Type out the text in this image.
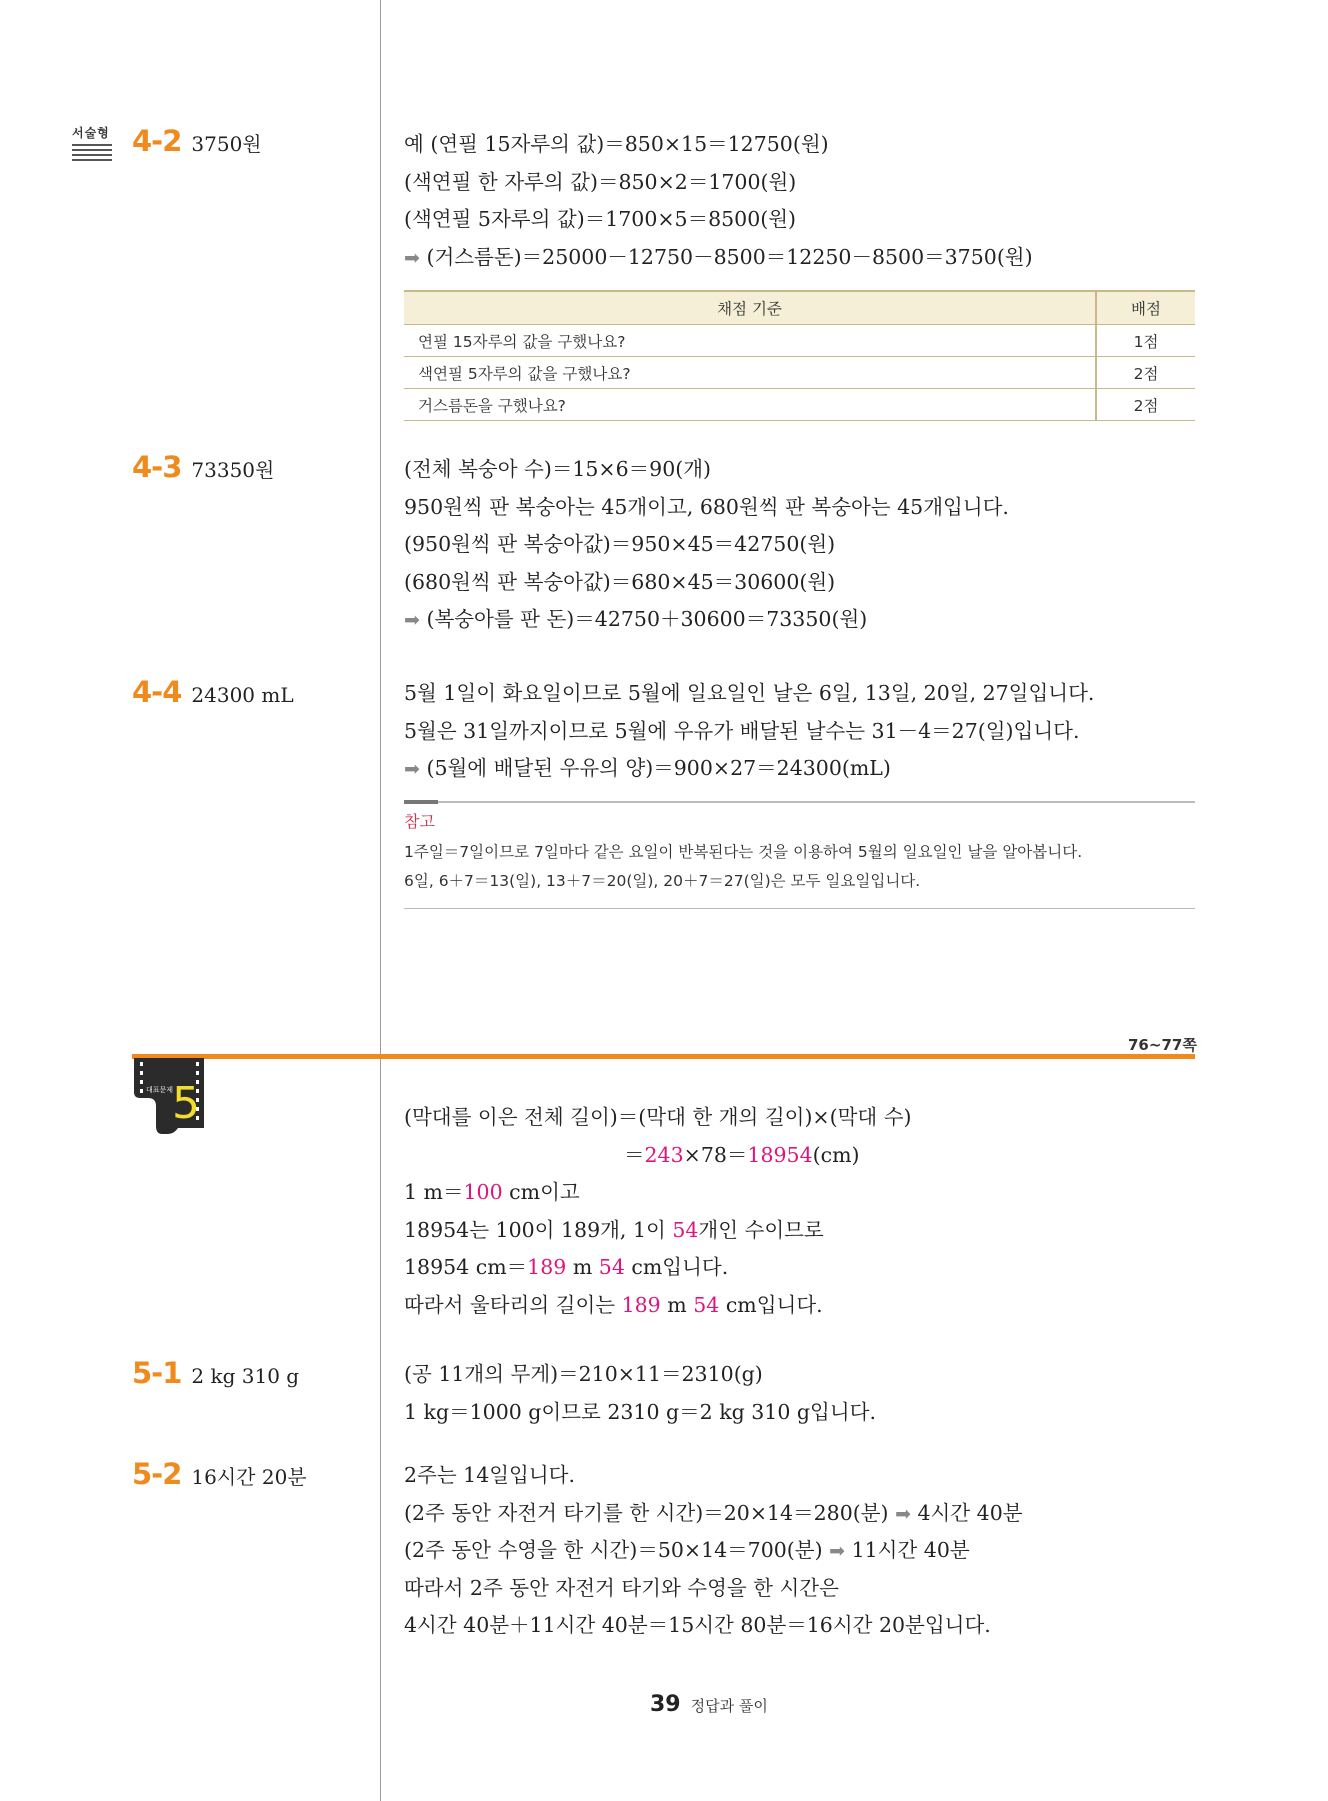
서술형 4-2 3750원	예 (연필 15자루의 값)＝850×15＝12750(원)
(색연필 한 자루의 값)＝850×2＝1700(원)
(색연필 5자루의 값)＝1700×5＝8500(원)
➡ (거스름돈)＝25000－12750－8500＝12250－8500＝3750(원)
채점 기준	배점
연필 15자루의 값을 구했나요?	1점
색연필 5자루의 값을 구했나요?	2점
거스름돈을 구했나요?	2점
4-3 73350원	(전체 복숭아 수)＝15×6＝90(개)
950원씩 판 복숭아는 45개이고, 680원씩 판 복숭아는 45개입니다.
(950원씩 판 복숭아값)＝950×45＝42750(원)
(680원씩 판 복숭아값)＝680×45＝30600(원)
➡ (복숭아를 판 돈)＝42750＋30600＝73350(원)
4-4 24300 mL	5월 1일이 화요일이므로 5월에 일요일인 날은 6일, 13일, 20일, 27일입니다.
5월은 31일까지이므로 5월에 우유가 배달된 날수는 31－4＝27(일)입니다.
➡ (5월에 배달된 우유의 양)＝900×27＝24300(mL)
참고
1주일＝7일이므로 7일마다 같은 요일이 반복된다는 것을 이용하여 5월의 일요일인 날을 알아봅니다.
6일, 6＋7＝13(일), 13＋7＝20(일), 20＋7＝27(일)은 모두 일요일입니다.
76~77쪽
대표문제
5	(막대를 이은 전체 길이)＝(막대 한 개의 길이)×(막대 수)
＝243×78＝18954(cm)
1 m＝100 cm이고
18954는 100이 189개, 1이 54개인 수이므로
18954 cm＝189 m 54 cm입니다.
따라서 울타리의 길이는 189 m 54 cm입니다.
5-1 2 kg 310 g	(공 11개의 무게)＝210×11＝2310(g)
1 kg＝1000 g이므로 2310 g＝2 kg 310 g입니다.
5-2 16시간 20분	2주는 14일입니다.
(2주 동안 자전거 타기를 한 시간)＝20×14＝280(분) ➡ 4시간 40분
(2주 동안 수영을 한 시간)＝50×14＝700(분) ➡ 11시간 40분
따라서 2주 동안 자전거 타기와 수영을 한 시간은
4시간 40분＋11시간 40분＝15시간 80분＝16시간 20분입니다.
39 정답과 풀이
